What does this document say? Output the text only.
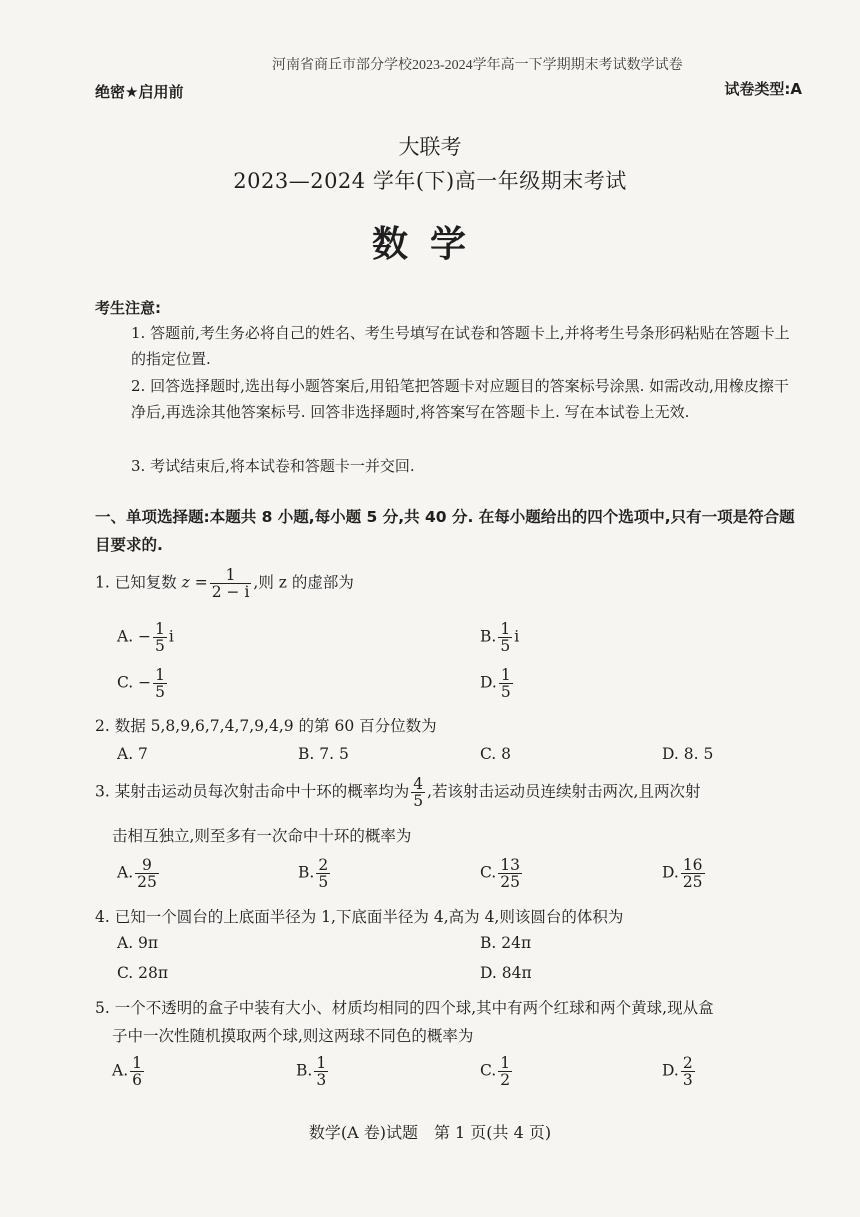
河南省商丘市部分学校2023-2024学年高一下学期期末考试数学试卷
绝密★启用前	试卷类型:A
大联考
2023—2024 学年(下)高一年级期末考试
数学
考生注意:
1. 答题前,考生务必将自己的姓名、考生号填写在试卷和答题卡上,并将考生号条形码粘贴在答题卡上的指定位置.
2. 回答选择题时,选出每小题答案后,用铅笔把答题卡对应题目的答案标号涂黑. 如需改动,用橡皮擦干净后,再选涂其他答案标号. 回答非选择题时,将答案写在答题卡上. 写在本试卷上无效.
3. 考试结束后,将本试卷和答题卡一并交回.
一、单项选择题:本题共 8 小题,每小题 5 分,共 40 分. 在每小题给出的四个选项中,只有一项是符合题目要求的.
1. 已知复数 $z = \frac{1}{2 - i}$ ,则 z 的虚部为
A. − $\frac{1}{5}$ i	B. $\frac{1}{5}$ i
C. − $\frac{1}{5}$	D. $\frac{1}{5}$
2. 数据 5,8,9,6,7,4,7,9,4,9 的第 60 百分位数为
A. 7	B. 7. 5	C. 8	D. 8. 5
3. 某射击运动员每次射击命中十环的概率均为 $\frac{4}{5}$ ,若该射击运动员连续射击两次,且两次射
击相互独立,则至多有一次命中十环的概率为
A. $\frac{9}{25}$	B. $\frac{2}{5}$	C. $\frac{13}{25}$	D. $\frac{16}{25}$
4. 已知一个圆台的上底面半径为 1,下底面半径为 4,高为 4,则该圆台的体积为
A. 9π	B. 24π
C. 28π	D. 84π
5. 一个不透明的盒子中装有大小、材质均相同的四个球,其中有两个红球和两个黄球,现从盒
子中一次性随机摸取两个球,则这两球不同色的概率为
A. $\frac{1}{6}$	B. $\frac{1}{3}$	C. $\frac{1}{2}$	D. $\frac{2}{3}$
数学(A 卷)试题　第 1 页(共 4 页)
